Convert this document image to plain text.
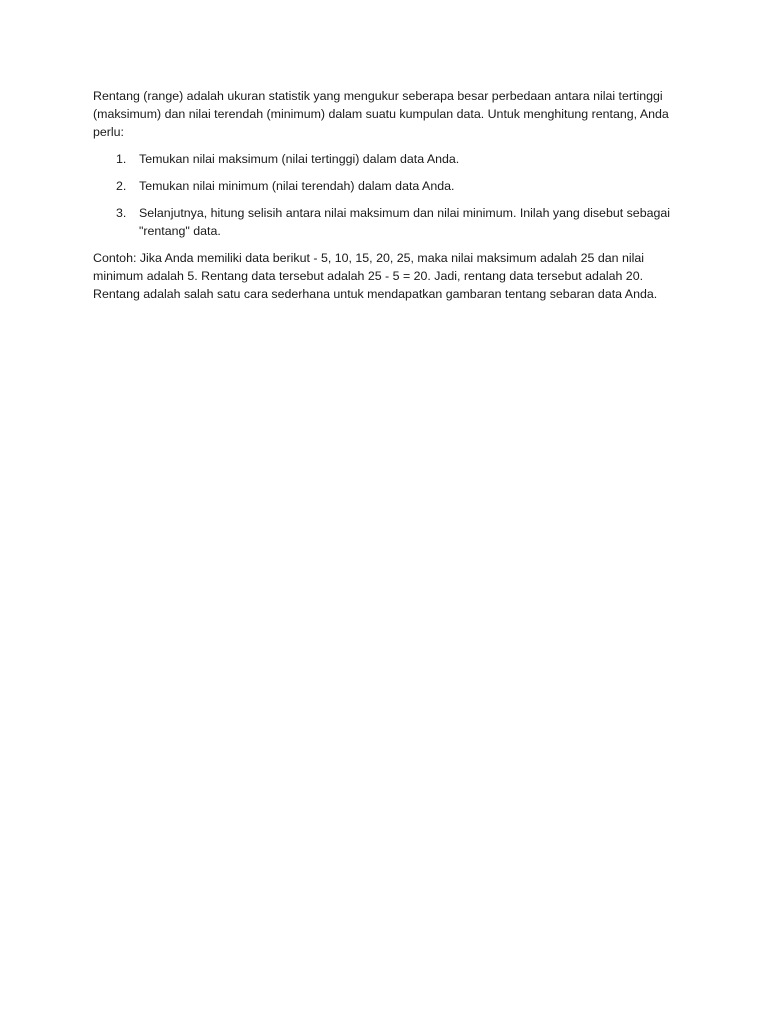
Rentang (range) adalah ukuran statistik yang mengukur seberapa besar perbedaan antara nilai tertinggi (maksimum) dan nilai terendah (minimum) dalam suatu kumpulan data. Untuk menghitung rentang, Anda perlu:

1. Temukan nilai maksimum (nilai tertinggi) dalam data Anda.
2. Temukan nilai minimum (nilai terendah) dalam data Anda.
3. Selanjutnya, hitung selisih antara nilai maksimum dan nilai minimum. Inilah yang disebut sebagai "rentang" data.

Contoh: Jika Anda memiliki data berikut - 5, 10, 15, 20, 25, maka nilai maksimum adalah 25 dan nilai minimum adalah 5. Rentang data tersebut adalah 25 - 5 = 20. Jadi, rentang data tersebut adalah 20. Rentang adalah salah satu cara sederhana untuk mendapatkan gambaran tentang sebaran data Anda.
